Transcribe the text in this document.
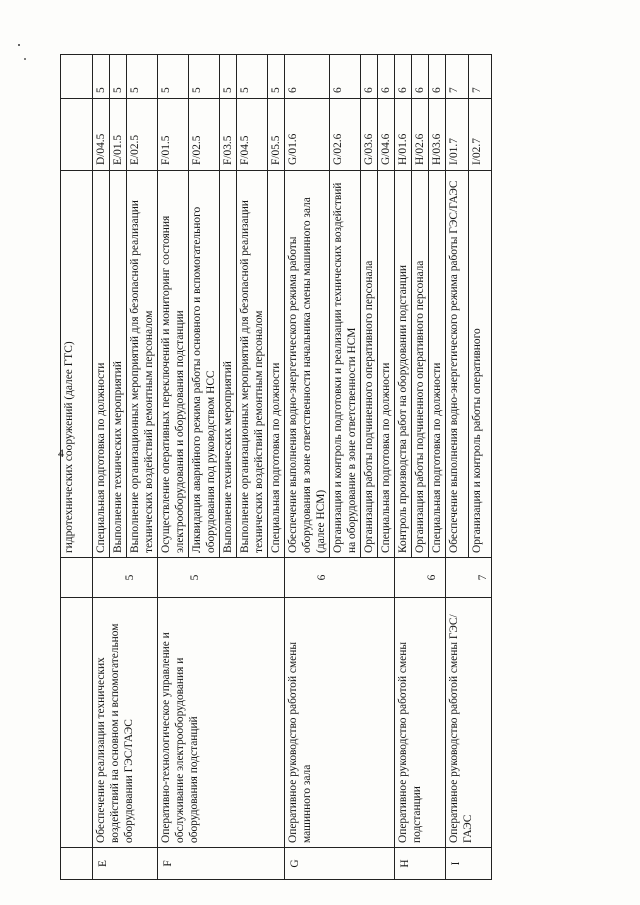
4
			гидротехнических сооружений (далее ГТС)		
E	Обеспечение реализации технических воздействий на основном и вспомогательном оборудовании ГЭС/ГАЭС	5	Специальная подготовка по должности	D/04.5	5
			Выполнение технических мероприятий	E/01.5	5
			Выполнение организационных мероприятий для безопасной реализации технических воздействий ремонтным персоналом	E/02.5	5
F	Оперативно-технологическое управление и обслуживание электрооборудования и оборудования подстанций	5	Осуществление оперативных переключений и мониторинг состояния электрооборудования и оборудования подстанции	F/01.5	5
			Ликвидация аварийного режима работы основного и вспомогательного оборудования под руководством НСС	F/02.5	5
			Выполнение технических мероприятий	F/03.5	5
			Выполнение организационных мероприятий для безопасной реализации технических воздействий ремонтным персоналом	F/04.5	5
			Специальная подготовка по должности	F/05.5	5
G	Оперативное руководство работой смены машинного зала	6	Обеспечение выполнения водно-энергетического режима работы оборудования в зоне ответственности начальника смены машинного зала (далее НСМ)	G/01.6	6
			Организация и контроль подготовки и реализации технических воздействий на оборудование в зоне ответственности НСМ	G/02.6	6
			Организация работы подчиненного оперативного персонала	G/03.6	6
			Специальная подготовка по должности	G/04.6	6
H	Оперативное руководство работой смены подстанции	6	Контроль производства работ на оборудовании подстанции	H/01.6	6
			Организация работы подчиненного оперативного персонала	H/02.6	6
			Специальная подготовка по должности	H/03.6	6
I	Оперативное руководство работой смены ГЭС/ГАЭС	7	Обеспечение выполнения водно-энергетического режима работы ГЭС/ГАЭС	I/01.7	7
			Организация и контроль работы оперативного	I/02.7	7
